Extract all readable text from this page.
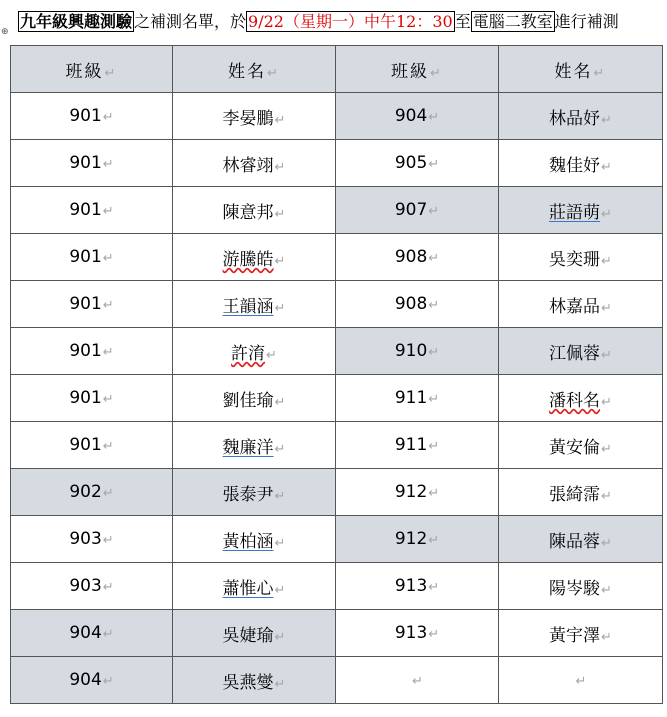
⊕
九年級興趣測驗 之補測名單，於 9/22（星期一）中午12：30 至 電腦二教室 進行補測
班級↵	姓名↵	班級↵	姓名↵
901↵	李晏鵬↵	904↵	林品妤↵
901↵	林睿翊↵	905↵	魏佳妤↵
901↵	陳意邦↵	907↵	莊語萌↵
901↵	游騰皓↵	908↵	吳奕珊↵
901↵	王韻涵↵	908↵	林嘉品↵
901↵	許淯↵	910↵	江佩蓉↵
901↵	劉佳瑜↵	911↵	潘科名↵
901↵	魏廉洋↵	911↵	黃安倫↵
902↵	張泰尹↵	912↵	張綺霈↵
903↵	黃柏涵↵	912↵	陳品蓉↵
903↵	蕭惟心↵	913↵	陽岑駿↵
904↵	吳婕瑜↵	913↵	黃宇澤↵
904↵	吳燕燮↵	↵	↵
